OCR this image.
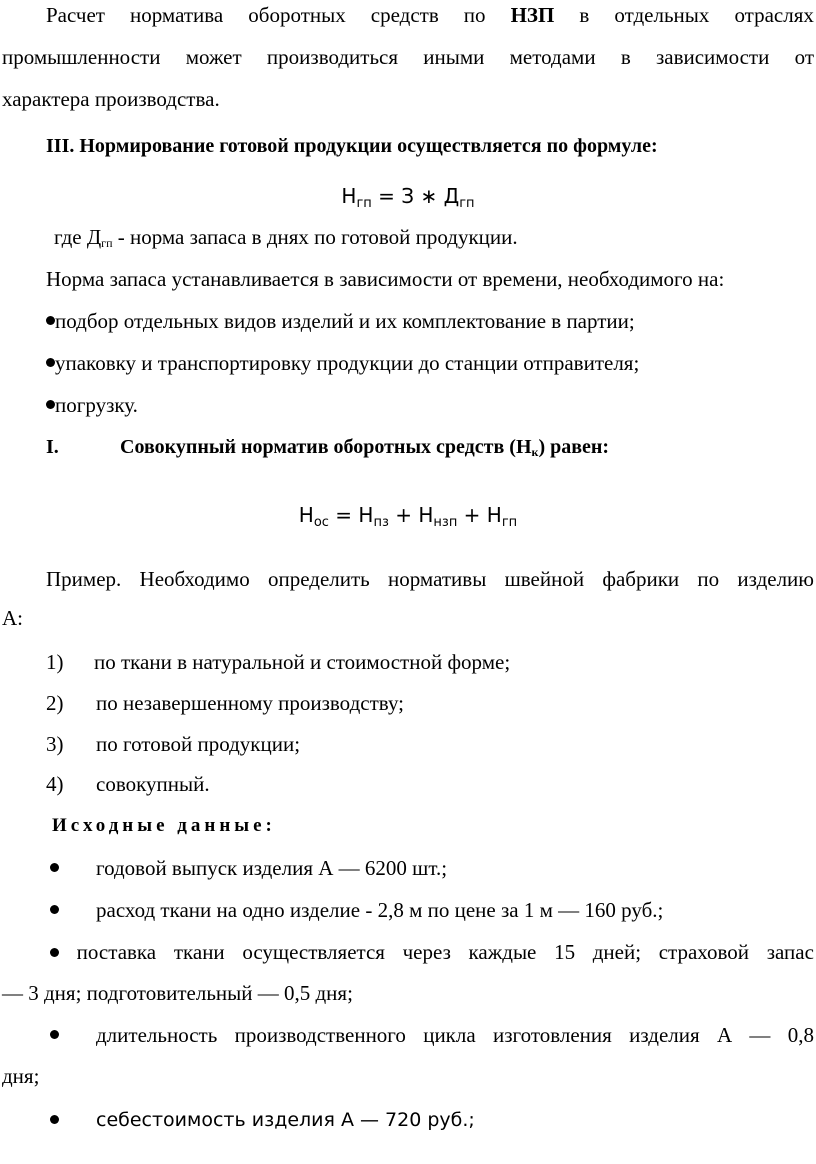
Расчет норматива оборотных средств по НЗП в отдельных отраслях
промышленности может производиться иными методами в зависимости от
характера производства.
III. Нормирование готовой продукции осуществляется по формуле:
$Н_{гп} = З$ ∗ $Д_{гп}$
где $Д_{гп}$ - норма запаса в днях по готовой продукции.
Норма запаса устанавливается в зависимости от времени, необходимого на:
подбор отдельных видов изделий и их комплектование в партии;
упаковку и транспортировку продукции до станции отправителя;
погрузку.
I.	Совокупный норматив оборотных средств $(Н_к)$ равен:
$Н_{ос} = Н_{пз} + Н_{нзп} + Н_{гп}$
Пример. Необходимо определить нормативы швейной фабрики по изделию
А:
1) по ткани в натуральной и стоимостной форме;
2) по незавершенному производству;
3) по готовой продукции;
4) совокупный.
Исходные данные:
годовой выпуск изделия А — 6200 шт.;
расход ткани на одно изделие - 2,8 м по цене за 1 м — 160 руб.;
поставка ткани осуществляется через каждые 15 дней; страховой запас
— 3 дня; подготовительный — 0,5 дня;
длительность производственного цикла изготовления изделия А — 0,8
дня;
себестоимость изделия А — 720 руб.;
